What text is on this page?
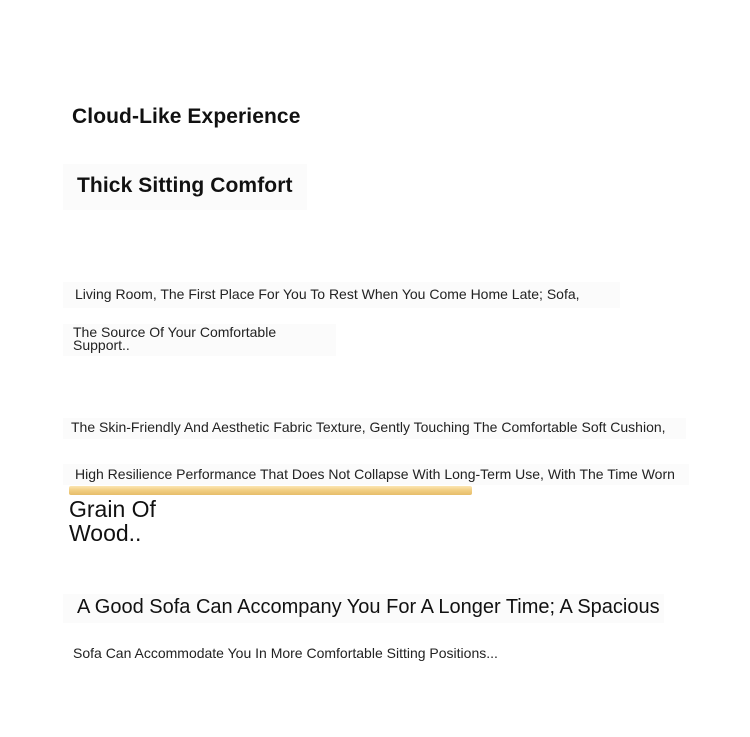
Cloud-Like Experience
Thick Sitting Comfort
Living Room, The First Place For You To Rest When You Come Home Late; Sofa,
The Source Of Your Comfortable
Support..
The Skin-Friendly And Aesthetic Fabric Texture, Gently Touching The Comfortable Soft Cushion,
High Resilience Performance That Does Not Collapse With Long-Term Use, With The Time Worn
Grain Of
Wood..
A Good Sofa Can Accompany You For A Longer Time; A Spacious
Sofa Can Accommodate You In More Comfortable Sitting Positions...
